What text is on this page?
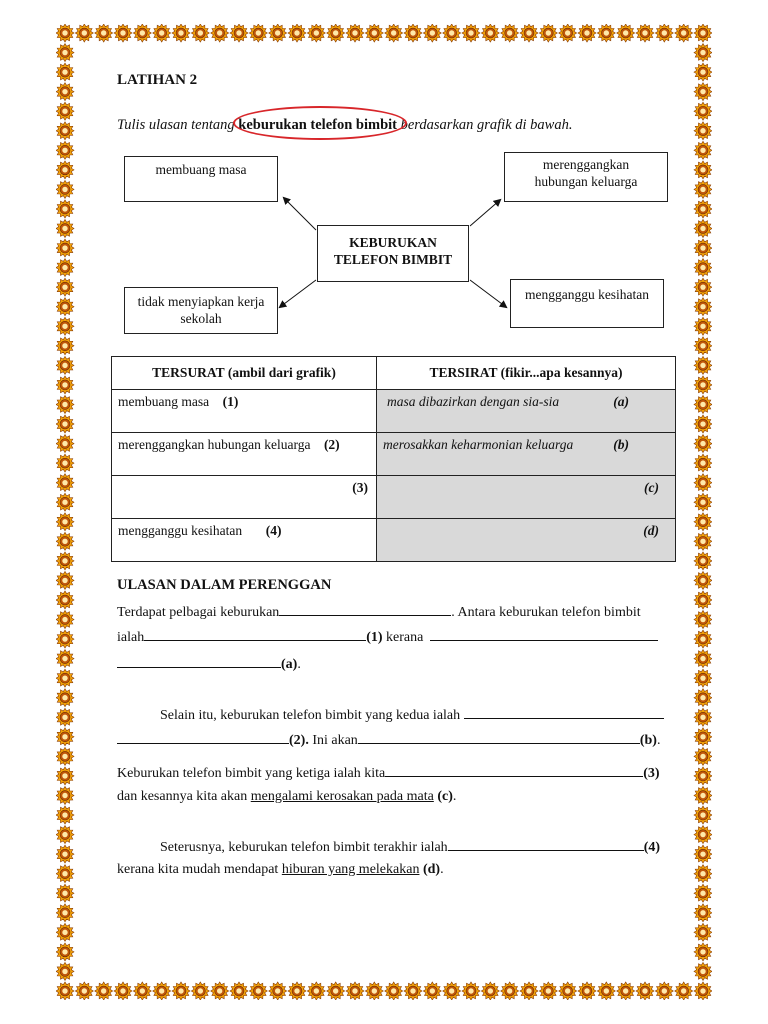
LATIHAN 2
Tulis ulasan tentang keburukan telefon bimbit berdasarkan grafik di bawah.
membuang masa	merenggangkan
hubungan keluarga
KEBURUKAN
TELEFON BIMBIT
tidak menyiapkan kerja
sekolah
mengganggu kesihatan
TERSURAT (ambil dari grafik)	TERSIRAT (fikir...apa kesannya)
membuang masa (1)	masa dibazirkan dengan sia-sia (a)

merenggangkan hubungan keluarga (2)	merosakkan keharmonian keluarga (b)

(3)	(c)

mengganggu kesihatan (4)	(d)
ULASAN DALAM PERENGGAN
Terdapat pelbagai keburukan	. Antara keburukan telefon bimbit
ialah	(1) kerana
(a).
Selain itu, keburukan telefon bimbit yang kedua ialah
(2). Ini akan	(b).
Keburukan telefon bimbit yang ketiga ialah kita	(3)
dan kesannya kita akan mengalami kerosakan pada mata (c).
Seterusnya, keburukan telefon bimbit terakhir ialah	(4)
kerana kita mudah mendapat hiburan yang melekakan (d).
